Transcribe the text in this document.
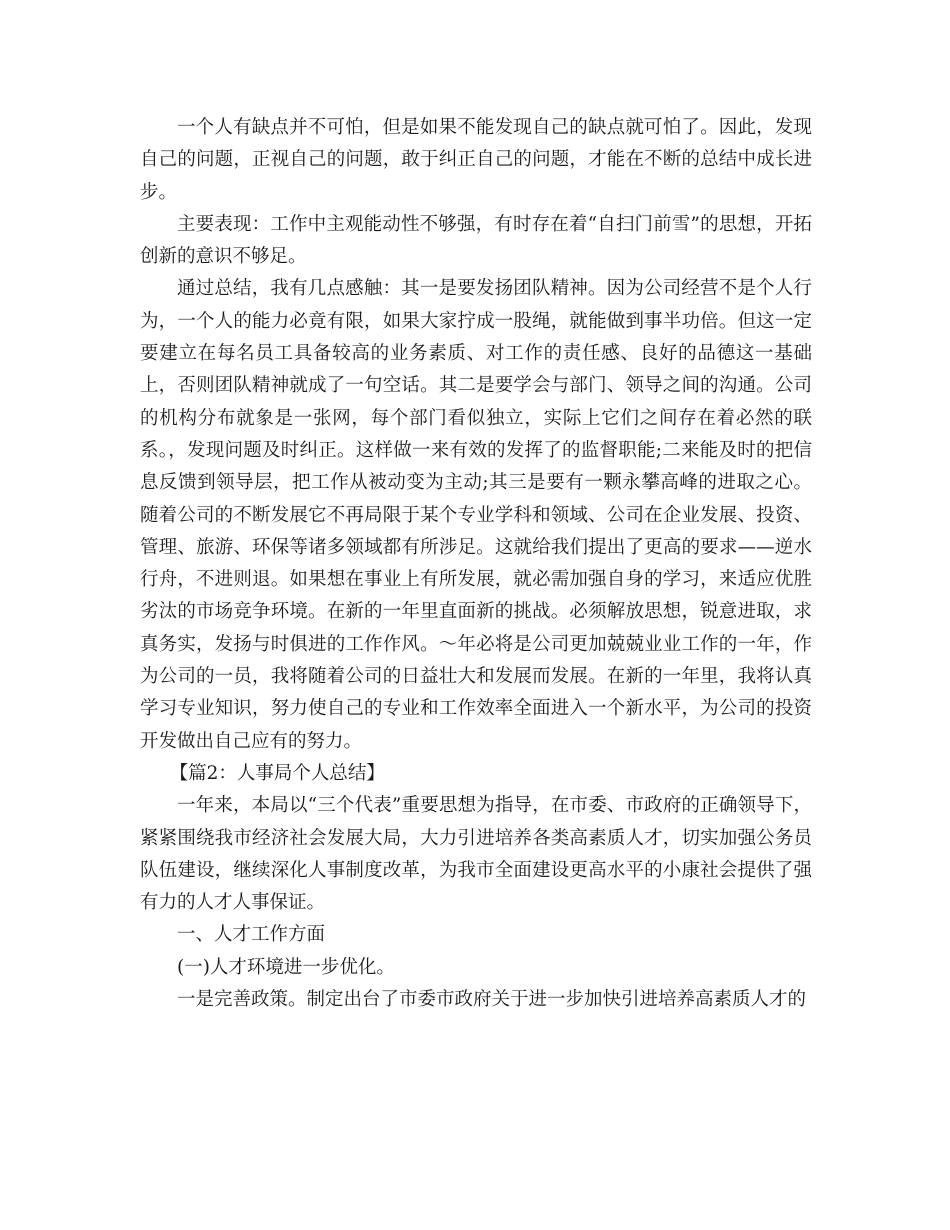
一个人有缺点并不可怕，但是如果不能发现自己的缺点就可怕了。因此，发现自己的问题，正视自己的问题，敢于纠正自己的问题，才能在不断的总结中成长进步。

主要表现：工作中主观能动性不够强，有时存在着“自扫门前雪”的思想，开拓创新的意识不够足。

通过总结，我有几点感触：其一是要发扬团队精神。因为公司经营不是个人行为，一个人的能力必竟有限，如果大家拧成一股绳，就能做到事半功倍。但这一定要建立在每名员工具备较高的业务素质、对工作的责任感、良好的品德这一基础上，否则团队精神就成了一句空话。其二是要学会与部门、领导之间的沟通。公司的机构分布就象是一张网，每个部门看似独立，实际上它们之间存在着必然的联系。，发现问题及时纠正。这样做一来有效的发挥了的监督职能;二来能及时的把信息反馈到领导层，把工作从被动变为主动;其三是要有一颗永攀高峰的进取之心。随着公司的不断发展它不再局限于某个专业学科和领域、公司在企业发展、投资、管理、旅游、环保等诸多领域都有所涉足。这就给我们提出了更高的要求——逆水行舟，不进则退。如果想在事业上有所发展，就必需加强自身的学习，来适应优胜劣汰的市场竞争环境。在新的一年里直面新的挑战。必须解放思想，锐意进取，求真务实，发扬与时俱进的工作作风。～年必将是公司更加兢兢业业工作的一年，作为公司的一员，我将随着公司的日益壮大和发展而发展。在新的一年里，我将认真学习专业知识，努力使自己的专业和工作效率全面进入一个新水平，为公司的投资开发做出自己应有的努力。

【篇2：人事局个人总结】

一年来，本局以“三个代表”重要思想为指导，在市委、市政府的正确领导下，紧紧围绕我市经济社会发展大局，大力引进培养各类高素质人才，切实加强公务员队伍建设，继续深化人事制度改革，为我市全面建设更高水平的小康社会提供了强有力的人才人事保证。

一、人才工作方面

(一)人才环境进一步优化。

一是完善政策。制定出台了市委市政府关于进一步加快引进培养高素质人才的
